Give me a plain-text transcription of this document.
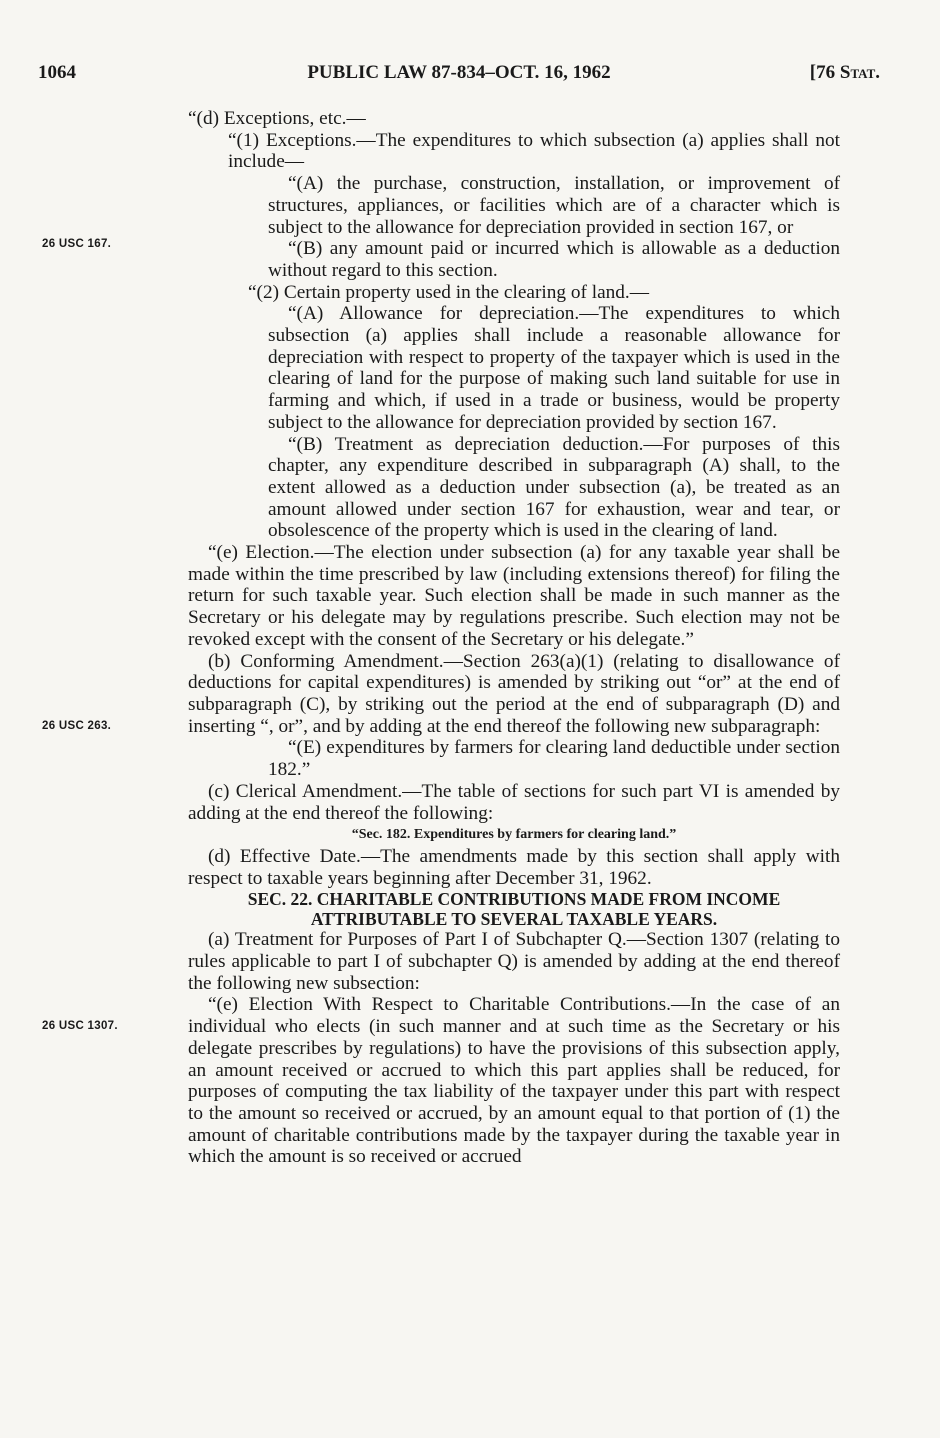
1064	PUBLIC LAW 87-834–OCT. 16, 1962	[76 Stat.
26 USC 167.
26 USC 263.
26 USC 1307.

“(d) Exceptions, etc.—

“(1) Exceptions.—The expenditures to which subsection (a) applies shall not include—

“(A) the purchase, construction, installation, or improvement of structures, appliances, or facilities which are of a character which is subject to the allowance for depreciation provided in section 167, or

“(B) any amount paid or incurred which is allowable as a deduction without regard to this section.

“(2) Certain property used in the clearing of land.—

“(A) Allowance for depreciation.—The expenditures to which subsection (a) applies shall include a reasonable allowance for depreciation with respect to property of the taxpayer which is used in the clearing of land for the purpose of making such land suitable for use in farming and which, if used in a trade or business, would be property subject to the allowance for depreciation provided by section 167.

“(B) Treatment as depreciation deduction.—For purposes of this chapter, any expenditure described in subparagraph (A) shall, to the extent allowed as a deduction under subsection (a), be treated as an amount allowed under section 167 for exhaustion, wear and tear, or obsolescence of the property which is used in the clearing of land.

“(e) Election.—The election under subsection (a) for any taxable year shall be made within the time prescribed by law (including extensions thereof) for filing the return for such taxable year. Such election shall be made in such manner as the Secretary or his delegate may by regulations prescribe. Such election may not be revoked except with the consent of the Secretary or his delegate.”

(b) Conforming Amendment.—Section 263(a)(1) (relating to disallowance of deductions for capital expenditures) is amended by striking out “or” at the end of subparagraph (C), by striking out the period at the end of subparagraph (D) and inserting “, or”, and by adding at the end thereof the following new subparagraph:

“(E) expenditures by farmers for clearing land deductible under section 182.”

(c) Clerical Amendment.—The table of sections for such part VI is amended by adding at the end thereof the following:

“Sec. 182. Expenditures by farmers for clearing land.”

(d) Effective Date.—The amendments made by this section shall apply with respect to taxable years beginning after December 31, 1962.

SEC. 22. CHARITABLE CONTRIBUTIONS MADE FROM INCOME ATTRIBUTABLE TO SEVERAL TAXABLE YEARS.

(a) Treatment for Purposes of Part I of Subchapter Q.—Section 1307 (relating to rules applicable to part I of subchapter Q) is amended by adding at the end thereof the following new subsection:

“(e) Election With Respect to Charitable Contributions.—In the case of an individual who elects (in such manner and at such time as the Secretary or his delegate prescribes by regulations) to have the provisions of this subsection apply, an amount received or accrued to which this part applies shall be reduced, for purposes of computing the tax liability of the taxpayer under this part with respect to the amount so received or accrued, by an amount equal to that portion of (1) the amount of charitable contributions made by the taxpayer during the taxable year in which the amount is so received or accrued
